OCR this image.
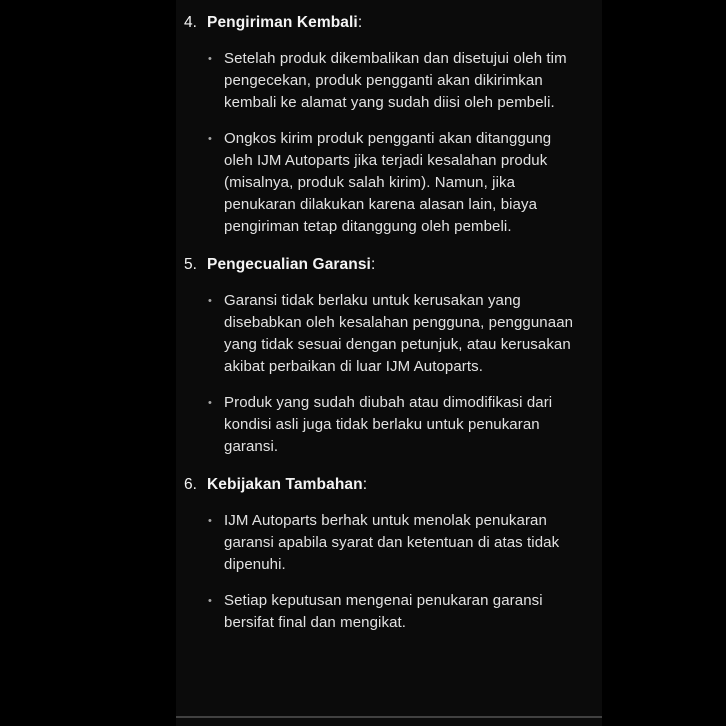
4. Pengiriman Kembali:
• Setelah produk dikembalikan dan disetujui oleh tim pengecekan, produk pengganti akan dikirimkan kembali ke alamat yang sudah diisi oleh pembeli.
• Ongkos kirim produk pengganti akan ditanggung oleh IJM Autoparts jika terjadi kesalahan produk (misalnya, produk salah kirim). Namun, jika penukaran dilakukan karena alasan lain, biaya pengiriman tetap ditanggung oleh pembeli.
5. Pengecualian Garansi:
• Garansi tidak berlaku untuk kerusakan yang disebabkan oleh kesalahan pengguna, penggunaan yang tidak sesuai dengan petunjuk, atau kerusakan akibat perbaikan di luar IJM Autoparts.
• Produk yang sudah diubah atau dimodifikasi dari kondisi asli juga tidak berlaku untuk penukaran garansi.
6. Kebijakan Tambahan:
• IJM Autoparts berhak untuk menolak penukaran garansi apabila syarat dan ketentuan di atas tidak dipenuhi.
• Setiap keputusan mengenai penukaran garansi bersifat final dan mengikat.
